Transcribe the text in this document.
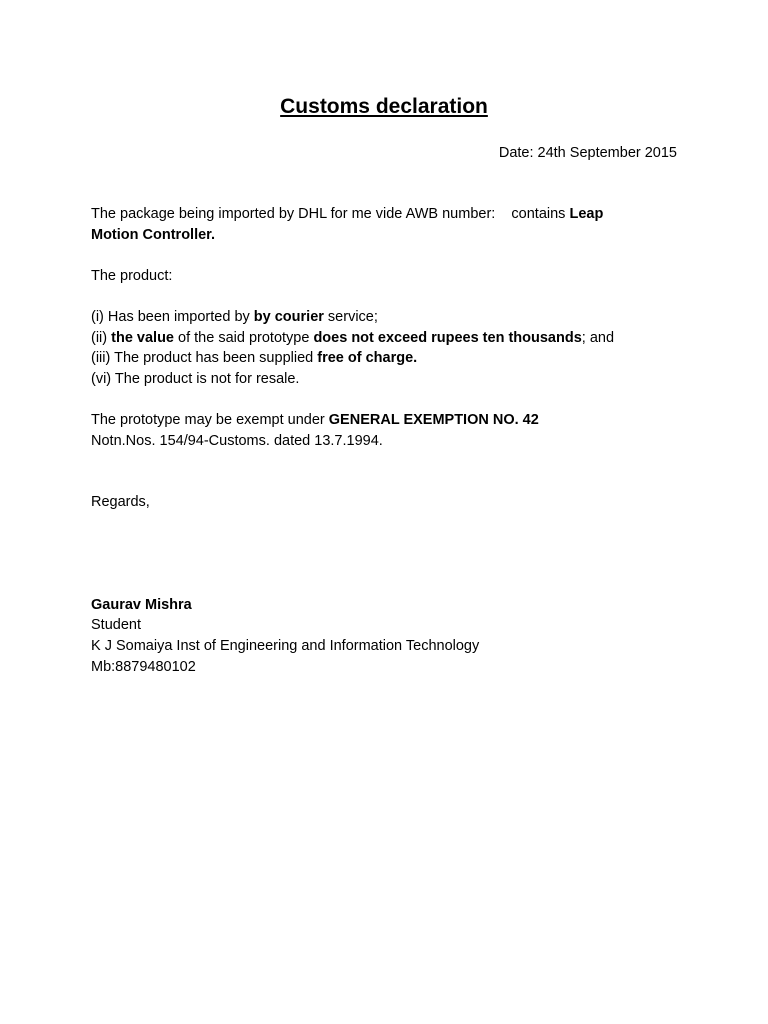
Customs declaration
Date: 24th September 2015

The package being imported by DHL for me vide AWB number:    contains Leap
Motion Controller.

The product:

(i) Has been imported by by courier service;

(ii) the value of the said prototype does not exceed rupees ten thousands; and

(iii) The product has been supplied free of charge.

(vi) The product is not for resale.

The prototype may be exempt under GENERAL EXEMPTION NO. 42

Notn.Nos. 154/94-Customs. dated 13.7.1994.

Regards,

Gaurav Mishra

Student

K J Somaiya Inst of Engineering and Information Technology

Mb:8879480102
